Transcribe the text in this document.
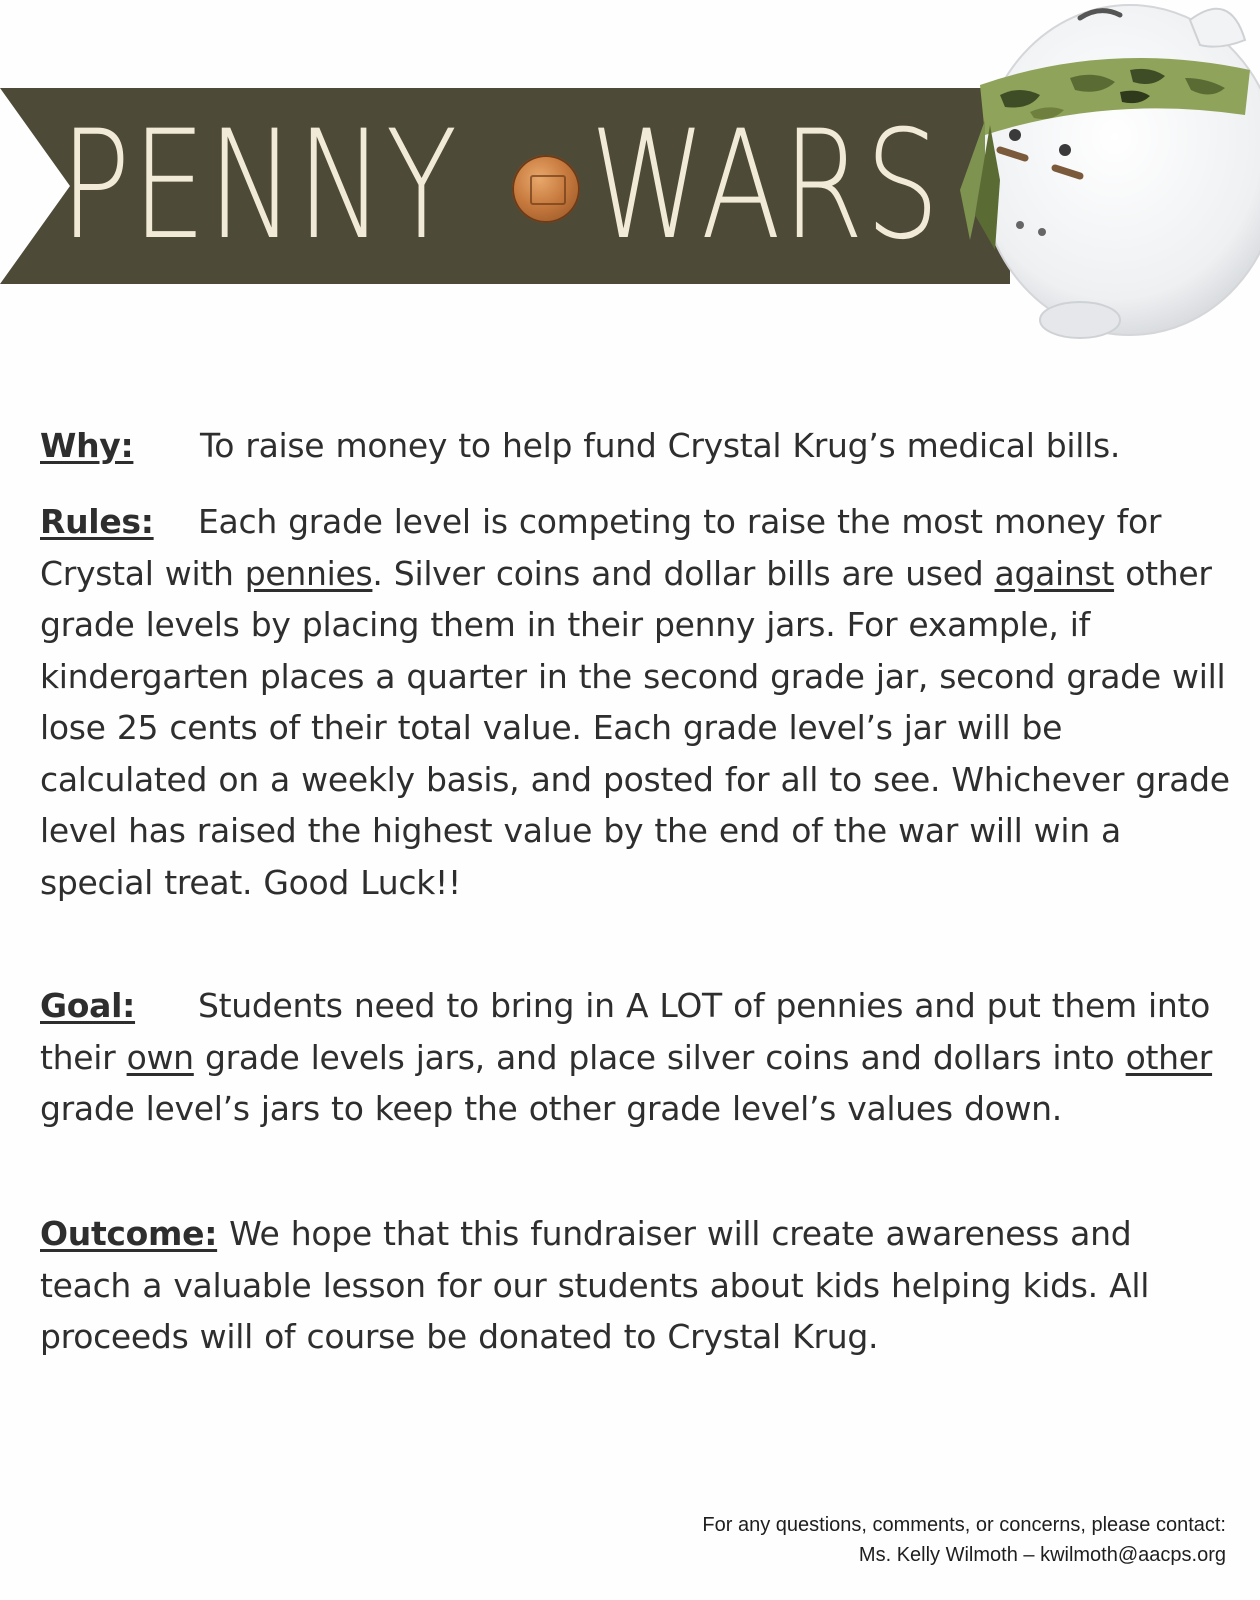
PENNY WARS
Why: To raise money to help fund Crystal Krug’s medical bills.
Rules: Each grade level is competing to raise the most money for Crystal with pennies. Silver coins and dollar bills are used against other grade levels by placing them in their penny jars. For example, if kindergarten places a quarter in the second grade jar, second grade will lose 25 cents of their total value. Each grade level’s jar will be calculated on a weekly basis, and posted for all to see. Whichever grade level has raised the highest value by the end of the war will win a special treat. Good Luck!!
Goal: Students need to bring in A LOT of pennies and put them into their own grade levels jars, and place silver coins and dollars into other grade level’s jars to keep the other grade level’s values down.
Outcome: We hope that this fundraiser will create awareness and teach a valuable lesson for our students about kids helping kids. All proceeds will of course be donated to Crystal Krug.
For any questions, comments, or concerns, please contact:
Ms. Kelly Wilmoth – kwilmoth@aacps.org
